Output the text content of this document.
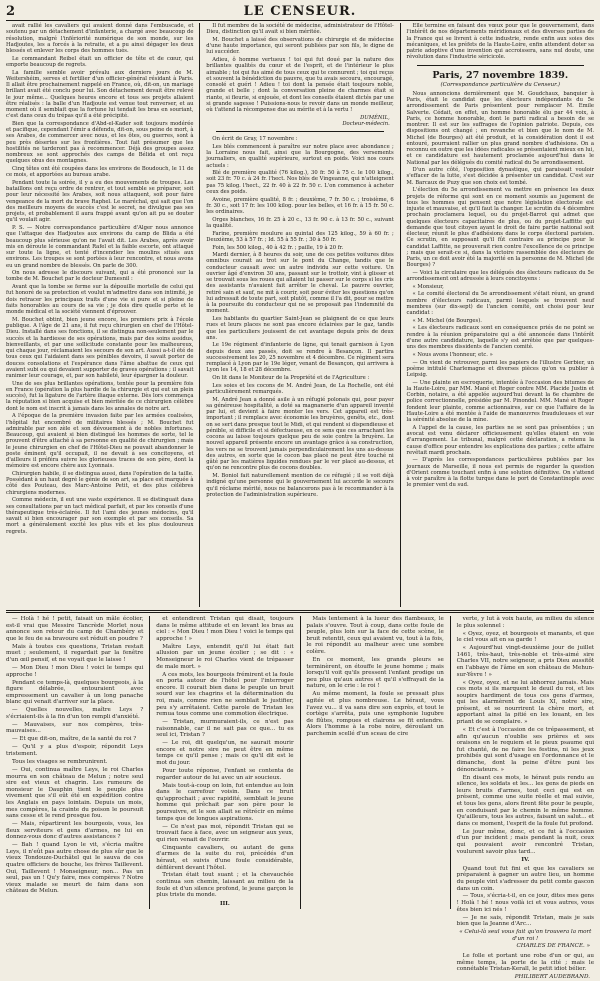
2	LE CENSEUR.

avait rallié les cavaliers qui avaient donné dans l'embuscade, et soutenu par un détachement d'infanterie, a chargé avec beaucoup de résolution, malgré l'infériorité numérique de son monde, sur les Hadjoutes, les a forcés à la retraite, et a pu ainsi dégager les deux blessés et enlever les corps des hommes tués.

Le commandant Reibel était un officier de tête et de cœur, qui emporte beaucoup de regrets.

La famille semble avoir prévalu aux derniers jours de M. Weitershéim, serves et fertilier d'un officier-général résidant à Paris. Il allait être prochainement rappelé en France, où, dit-on, un mariage brillant avait été conclu pour lui. Son détachement devait être relevé le jour même... Quelques heures encore et tous ses projets allaient être réalisés : la balle d'un Hadjoute est venue tout renverser, et au moment où il semblait que la fortune lui tendait les bras en souriant, c'est dans ceux du trépas qu'il a été précipité.

Bien que la correspondance d'Abd-el-Kader soit toujours modérée et pacifique, cependant l'émir a défendu, dit-on, sous peine de mort, à ses Arabes, de commercer avec nous, et les ôtes, ou guerres, sont à peu près désertes sur les frontières. Tout fait présumer que les hostilités ne tarderont pas à recommencer. Déjà des groupes assez nombreux se sont approchés des camps de Bélida et ont reçu quelques obus des montagnes.

Cinq têtes ont été coupées dans les environs de Boudouch, le 11 de ce mois, et apportées au bureau arabe.

Pendant toute la soirée, il y a eu des mouvements de troupes. Les bataillons ont reçu ordre de rentrer, et tout semble se préparer, soit pour leur nécessité les Arabes, soit nous attaquent, soit pour faire vengeance de la mort du brave Raphel. Le maréchal, qui sait que l'on des meilleurs moyens de succès c'est le secret, ne divulgue pas ses projets, et probablement il aura frappé avant qu'on ait pu se douter qu'il voulait agir.

P. S. — Notre correspondance particulière d'Alger nous annonce que l'attaque des Hadjoutes aux environs du camp de Blida a été beaucoup plus sérieuse qu'on ne l'avait dit. Les Arabes, après avoir mis en déroute le commandant Rafel et la faible escorte, ont attaqué sur toute la ligne, et tenté d'incendier les moulins situés aux environs. Les troupes se sont portées à leur rencontre, et nous avons eu un grand nombre de blessés. On parle de 300.

On nous adresse le discours suivant, qui a été prononcé sur la tombe de M. Bouchet par le docteur Dumesnil :

Avant que la tombe se ferme sur la dépouille mortelle de celui qui fut honoré de sa protection et voulut m'admettre dans son intimité, je dois retracer les principaux traits d'une vie si pure et si pleine de faits honorables au cours de sa vie ; je dois dire quelle perte et le monde médical et la société viennent d'éprouver.

M. Bouchet obtint, bien jeune encore, les premiers prix à l'école publique. A l'âge de 21 ans, il fut reçu chirurgien en chef de l'Hôtel-Dieu. Installé dans ses fonctions, il se distingua non-seulement par le succès et la hardiesse de ses opérations, mais par des soins assidus, bienveillants, et par une sollicitude constante pour les malheureux, qui chaque jour, réclamaient les secours de son art. Aussi a-t-il été de tous ceux qui l'aidaient dans ses pénibles devoirs, il savait porter de douces consolations et l'espérance dans l'âme abattue de ceux qui avaient subi ou qui devaient supporter de graves opérations ; il savait ranimer leur courage, et, par son habileté, leur épargner la douleur.

Une de ses plus brillantes opérations, tentée pour la première fois en France (opération la plus hardie de la chirurgie et qui eut un plein succès), fut la ligature de l'artère iliaque externe. Dès lors commença la réputation si bien acquise et bien méritée de ce chirurgien célèbre dont le nom est inscrit à jamais dans les annales de notre art.

A l'époque de la première invasion faite par les armées coalisées, l'hôpital fut encombré de militaires blessés ; M. Bouchet fut admirable par son zèle et son dévouement à de nobles infortunes. Beaucoup, qui avaient si bien distingué les hommes de sorte, tel le prouvent d'être attaché à sa personne en qualité de chirurgien ; mais le jeune chirurgien en chef de l'Hôtel-Dieu ne pouvait abandonner le poste éminent qu'il occupait, il ne devait à ses concitoyens, et d'ailleurs il préféra suivre les glorieuses traces de son père, dont la mémoire est encore chère aux Lyonnais.

Chirurgien habile, il se distingua aussi, dans l'opération de la taille. Possédant à un haut degré le génie de son art, sa place est marquée à côté des Pouteau, des Marc-Antoine Petit, et des plus célèbres chirurgiens modernes.

Comme médecin, il eut une vaste expérience. Il se distinguait dans ses consultations par un tact médical parfait, et par les conseils d'une thérapeutique très-éclairée. Il fut l'ami des jeunes médecins, qu'il savait si bien encourager par son exemple et par ses conseils. Sa mort a généralement excité les plus vifs et les plus douloureux regrets.

Il fut membre de la société de médecine, administrateur de l'Hôtel-Dieu, distinction qu'il avait si bien méritée.

M. Bouchet a laissé des observations de chirurgie et de médecine d'une haute importance, qui seront publiées par son fils, le digne de lui succéder.

Adieu, ô homme vertueux ! toi qui fut doué par la nature des brillantes qualités du cœur et de l'esprit, et de l'intérieur le plus aimable ; toi qui fus aimé de tous ceux qui te connurent ; toi qui reçus et souvent la bénédiction du pauvre, que tu avais secouru, encouragé, consolé et guéri ! Adieu ! toi dont la pensée était toujours noble, grande et belle ; dont la conversation pleine de charmes était si riante, si fleurie, si enjouée, et dont les conseils étaient dictés par une si grande sagesse ! Puissions-nous te revoir dans un monde meilleur, où t'attend la récompense due au mérite et à la vertu !

DUMÉNIL,
Docteur-médecin.

On écrit de Gray, 17 novembre :

Les blés commencent à paraître sur notre place avec abondance ; la Lorraine nous fait, ainsi que la Bourgogne, des versements journaliers, en qualité supérieure, surtout en poids. Voici nos cours actuels :

Blé de première qualité (76 kilog.), 30 fr. 50 à 75 c. le 100 kilog., soit 23 fr. 70 c. à 24 fr. l'hect. Nos blés de Vingeanne, qui n'atteignent pas 75 kilog. l'hect., 22 fr. 40 à 22 fr. 50 c. L'on commence à acheter ceux des poids.

Avoine, première qualité, 8 fr. ; deuxième, 7 fr. 50 c. ; troisième, 6 fr. 30 c., soit 17 fr. les 100 kilog. pour les belles, et 16 fr. à 15 fr. 50 c. les ordinaires.

Orges blanches, 16 fr. 25 à 20 c., 13 fr. 90 c. à 13 fr. 50 c., suivant la qualité.

Farine, première moulure au quintal des 125 kilog., 59 à 60 fr. ; Deuxième, 53 à 57 fr. ; Id. 55 à 55 fr. ; 30 à 50 fr.

Foin, les 500 kilog., 40 à 42 fr. ; paille, 19 à 20 fr.

Mardi dernier, à 8 heures du soir, une de ces petites voitures dites omnibus courait au trot sur le pont du Change, tandis que le conducteur causait avec un autre individu sur cette voiture. Un ouvrier âgé d'environ 30 ans, passant sur le trottoir, vint à glisser et se trouvait sous les roues qui allaient lui passer sur le corps si les cris des assistants n'avaient fait arrêter le cheval. Le pauvre ouvrier, retiré sain et sauf, ne mit à courir, soit pour éviter les questions qu'on lui adressait de toute part, soit plutôt, comme il l'a dit, pour se mettre à la poursuite du conducteur qui ne se proposait pas l'indemnité du moment.

Les habitants du quartier Saint-Jean se plaignent de ce que leurs rues et leurs places ne sont pas encore éclairées par le gaz, tandis que les particuliers jouissent de cet avantage depuis près de deux ans.

Le 19e régiment d'infanterie de ligne, qui tenait garnison à Lyon depuis deux ans passés, doit se rendre à Besançon. Il partira successivement les 20, 25 novembre et 4 décembre. Ce régiment sera remplacé à Lyon par le 19e léger, venant de Besançon, qui arrivera à Lyon les 14, 18 et 28 décembre.

On lit dans le Moniteur de la Propriété et de l'Agriculture :

Les soies et les cocons de M. André Jean, de La Rochelle, ont été particulièrement remarqués.

M. André Jean a donné asile à un réfugié polonais qui, pour payer sa généreuse hospitalité, a doté sa magnanerie d'un appareil inventé par lui, et devient à faire monter les vers. Cet appareil est très-important ; il remplace avec économie les bruyères, genêts, etc., dont on se sert dans presque tout le Midi, et qui rendent si dispendieuse et pénible, si difficile et si défectueuse, en ce sens que ces arrachant les cocons au laisse toujours quelque peu de soie contre la bruyère. Le nouvel appareil présente encore un avantage grâce à sa construction, les vers ne se trouvent jamais perpendiculairement les uns au-dessus des autres, en sorte que le cocon bas placé ne peut être touché ni gâté par les matières liquides rendues par le ver placé au-dessus, et qu'on ne rencontre plus de cocons doubles.

M. Boniol fait naturellement mention de ce réfugié ; il se voit déjà indigné qu'une personne qui le gouvernement lui accorde le secours qu'il réclame mérité, nous ne balancerons pas à le recommander à la protection de l'administration supérieure.

Elle termine en faisant des vœux pour que le gouvernement, dans l'intérêt de nos départements méridionaux et des diverses parties de la France qui se livrent à cette industrie, rende enfin aux soies des mécaniques, et les préfets de la Haute-Loire, enfin attendent doter sa patrie adoptive d'une invention qui accroissera, sans nul doute, une révolution dans l'industrie séricicole.

Paris, 27 novembre 1839.
(Correspondance particulière du Censeur.)

Nous annoncions dernièrement que M. Goudchaux, banquier à Paris, était le candidat que les électeurs indépendants du 5e arrondissement de Paris présentent pour remplacer M. Emile Salverte. Cédait, on effet, un homme honorable élu par 44 voix, à Paris, ce homme honorable, dont le parti radical a besoin de se montrer. Il est sur les suffrages de l'opinion patriote. Depuis, ces dispositions ont changé ; en revanche et bien que le nom de M. Michel (de Bourges) ait été produit, et la considération dont il est entouré, pourraient rallier un plus grand nombre d'adhésions. On a reconnu en outre que les idées radicales se présentaient mieux en lui, et ce candidature est hautement proclamée aujourd'hui dans le National par les délégués du comité radical du 5e arrondissement.

D'un autre côté, l'opposition dynastique, qui paraissait vouloir s'effacer de la lutte, s'est décidée à présenter un candidat. C'est sur M. Barcaux de Puzy que son choix est tombé.

L'élection du 5e arrondissement va mettre en présence les deux projets de réforme qui sont en ce moment soumis au jugement de tous les hommes qui pensent que notre législation électorale est injuste et mauvaise, et qu'il faut la changer. Le scrutin du 4 décembre prochain proclamera lequel, ou du projet-Barrot qui admet que quelques électeurs capacitaires de plus, ou du projet-Laffitte qui demande que tout citoyen ayant le droit de faire partie national soit électeur, réunit le plus d'adhésions dans le corps électoral parisien. Ce scrutin, en supposant qu'il fût contraire au principe pour le candidat Laffitte, ne prouverait rien contre l'excellence de ce principe ; mais que serait-ce si, dans la victoire rassemblée des électeurs de Paris, un ce doit avoir été la majorité en la personne de M. Michel (de Bourges) ?

— Voici la circulaire que les délégués des électeurs radicaux du 5e arrondissement ont adressée à leurs concitoyens :

« Monsieur,

« Le comité électoral du 5e arrondissement s'était réuni, un grand nombre d'électeurs radicaux, parmi lesquels se trouvent neuf membres (sur dix-sept) de l'ancien comité, ont choisi pour leur candidat :

« M. Michel (de Bourges).

« Les électeurs radicaux sont en conséquence priés de ne point se rendre à la réunion préparatoire qui a été annoncée dans l'intérêt d'une autre candidature, laquelle s'y est arrêtée que par quelques-uns des membres dissidents de l'ancien comité.

« Nous avons l'honneur, etc. »

— On vient de retrouver, parmi les papiers de l'illustre Gerbier, un poème intitulé Charlemagne et diverses pièces qu'on va publier à Leipsig.

— Une plainte en escroquerie, intentée à l'occasion des bitumes de la Haute-Loire, par MM. Mané et Roger contre MM. Placide Justin et Corbin, notaire, a été appelée aujourd'hui devant la 6e chambre de police correctionnelle, présidée par M. Pinondel. MM. Mané et Roger fondent leur plainte, comme actionnaires, sur ce que l'affaire de la Haute-Loire a été montée à l'aide de manœuvres frauduleuses et sur la sérénité absolue de la mine.

A l'appel de la cause, les parties ne se sont pas présentées ; un avocat est venu déclarer officieusement qu'elles étaient en voie d'arrangement. Le tribunal, malgré cette déclaration, a retenu la cause d'office pour entendre les explications des parties ; cette affaire revêtait mardi prochain.

— D'après les correspondances particulières publiées par les journaux de Marseille, il nous est permis de regarder la question d'Orient comme touchant enfin à une solution définitive. On s'attend à voir paraître à la flotte turque dans le port de Constantinople avec le premier vent du sud.

— Holà ! hé ! petit, faisait un mâle écolier, est-il vrai que Messire Tancrède Morlet nous annonce son retour du camp de Chambéry et que le feu de sa bravoure est réduit en poudre ?

Mais à toutes ces questions, Tristan restait muet ; seulement, il regardait par la fenêtre d'un œil pensif, et ne voyait que le laisse !

— Mon Dieu ! mon Dieu ! voici le temps qui approche !

Pendant ce temps-là, quelques bourgeois, à la figure délabrée, entouraient avec empressement un cavalier à un long panache blanc qui venait d'arriver sur la place.

— Quelles nouvelles, maître Leys ? s'écriaient-ils à la fin d'un ton rempli d'anxiété.

— Mauvaises, sur nos compères, très-mauvaises...

— Et que dit-on, maître, de la santé du roi ?

— Qu'il y a plus d'espoir, répondit Leys tristement.

Tous les visages se rembrunirent.

— Oui, continua maître Leys, le roi Charles mourra en son château de Melun ; notre seul sire est vieux et chagrin. Les rumeurs de monsieur le Dauphin tient le peuple plus vivement que s'il eût été en expédition contre les Anglais en pays lointain. Depuis un mois, mes compères, la crainte du poison le poursuit sans cesse et le rend presque fou.

— Mais, répartirent les bourgeois, vous, les fleux serviteurs et gens d'armes, ne lui en donnez-vous donc d'autres assistances ?

— Bah ! quand Lyon le vit, s'écria maître Leys, il n'eût pas autre chose de plus sûr que le vieux Tondouze-Duchâtel qui le sauva de ces quatre officiers de bouche, les frères Taillevent. Oui, Taillevent ! Monseigneur, non... Pas un seul, pas un ! Qu'y faire, mes compères ? Notre vieux malade se meurt de faim dans son château de Melun.

et entendirent Tristan qui disait, toujours dans le même attitude et en levant les bras au ciel : « Mon Dieu ! mon Dieu ! voici le temps qui approche ! »

Maître Leys, entendit qu'il lui était fait allusion par un jeune écolier ; se dit : « Monseigneur le roi Charles vient de trépasser de male mort. »

A ces mots, les bourgeois frémirent et la foule en porta autour de l'hôtel pour l'interroger encore. Il courait bien dans le peuple un bruit sourd sur les chagrins et la détermination du roi, mais, comme rien ne semblait le justifier, peu s'y arrêtaient. Cette parole de Tristan les remua tous comme une commotion électrique.

— Tristan, murmuraient-ils, ce n'est pas raisonnable, car il ne sait pas ce que... tu es seul ici, Tristan ?

— Le roi, dit quelqu'un, ne saurait mourir encore et notre sire ne peut être en même temps ce qu'il pense ; mais ce qu'il dit est le mot du jour.

Pour toute réponse, l'enfant se contenta de regarder autour de lui avec un air soucieux.

Mais tout-à-coup on loin, fut entendue au loin dans le carrefour voisin. Dans ce bruit qu'approchait ; avec rapidité, semblait le jeune homme qui prêchait par son père pour le poursuivre, et le son allait se rétrécir en même temps que de longues aspirations.

— Ce n'est pas moi, répondit Tristan qui se trouvait face à face, avec un seigneur aux yeux, qui rien venait de l'ouvrir.

Cinquante cavaliers, ou autant de gens d'armes de la suite du roi, précédés d'un héraut, et suivis d'une foule considérable, défilèrent devant l'hôtel.

Tristan était tout suant ; et la chevauchée continua son chemin, laissant au milieu de la foule et d'un silence profond, le jeune garçon le plus triste du monde.

III.

Mais lentement à la lueur des flambeaux, le palais s'ouvre. Tout à coup, dans cette foule de peuple, plus loin sur la face de cette scène, le bruit retentit, ceux qui avaient vu, tout à la fois, le roi répondit au malheur avec une sombre colère.

En ce moment, les grands pleurs se terminèrent, on étouffe le jeune homme ; mais lorsqu'il voit qu'ils pressent l'enfant prodige un peu plus qu'aux autres et qu'il s'effrayait de la nature, on le crie : le roi !

Au même moment, la foule se pressait plus agitée et plus nombreuse. Le héraut, vous l'avez vu... il va sans dire son exprès, et tout le cortège s'arrêta, puis une symphonie lugubre de flûtes, rompues et clairons se fit entendre. Alors l'homme à la robe noire, déroulant un parchemin scellé d'un sceau de cire

verte, y lut à voix haute, au milieu du silence le plus solennel :

« Oyez, oyez, et bourgeois et manants, et que le ciel vous ait en sa garde !

« Aujourd'hui vingt-deuxième jour de juillet 1461, très-haut, très-noble et très-aimé sire Charles VII, notre seigneur, a pris Dieu aussitôt en l'abbaye de l'âme en son château de Mehun-sur-Yèvre ! »

« Oyez, oyez, et ne lui abhorrez jamais. Mais ces mots si ils marquent le deuil du roi, et les soupirs hardiment de tous ces gens d'armes, qui les alarmèrent de Louis XI, notre sire, présent, et se nourrirent la chère mort, et apportant ainsi la pitié en les louant, en les priant de se complaire. »

« Et c'est à l'occasion de ce trépassement, et afin qu'aucun n'oublie ses prières et ses oraisons en le requiem et le pieux psaume qui fut chanté, de ne faire les festins, ni les jeux prohibés qui sont d'usage en l'ordonnance et le dimanche, dont la peine d'être puni les dénonciateurs. »

En disant ces mots, le héraut puis rendu au silence, les soldats et les... les gens de pieds en leurs bruits d'armes, tout ceci qui est en présent, comme une suite réelle et mal suivie, et tous les gens, alors firent fête pour le peuple, en conduisant par le chemin le même homme. Qu'ailleurs, tous les autres, faisant un salut... et dans ce moment, l'esprit de la foule fut profond.

Le jour même, donc, et ce fut à l'occasion d'un pur incident ; mais pendant la nuit, ceux qui pouvaient avoir rencontré Tristan, voulurent savoir plus tard...

IV.

Quand tout fut fini et que les cavaliers se préparaient à gagner un autre lieu, un homme du peuple vint s'adresser du petit comte gascon dans un coin.

— Tous, s'écria-t-il, en ce jour, dites mes gens ! Holà ! hé ! nous voilà ici et vous autres, vous êtes bien ici nés !

— Je ne sais, répondit Tristan, mais je sais bien que la Jeanne d'Arc...

« Celui-là seul vous fait qu'on trouvera la mort d'un roi !
CHARLES DE FRANCE. »

Le folle et portant une robe d'un or qui, au même temps, la porte de la cité ; mais le connétable Tristan-Kerall, le petit idiot bélier.

PHILIBERT AUDEBRAND.
